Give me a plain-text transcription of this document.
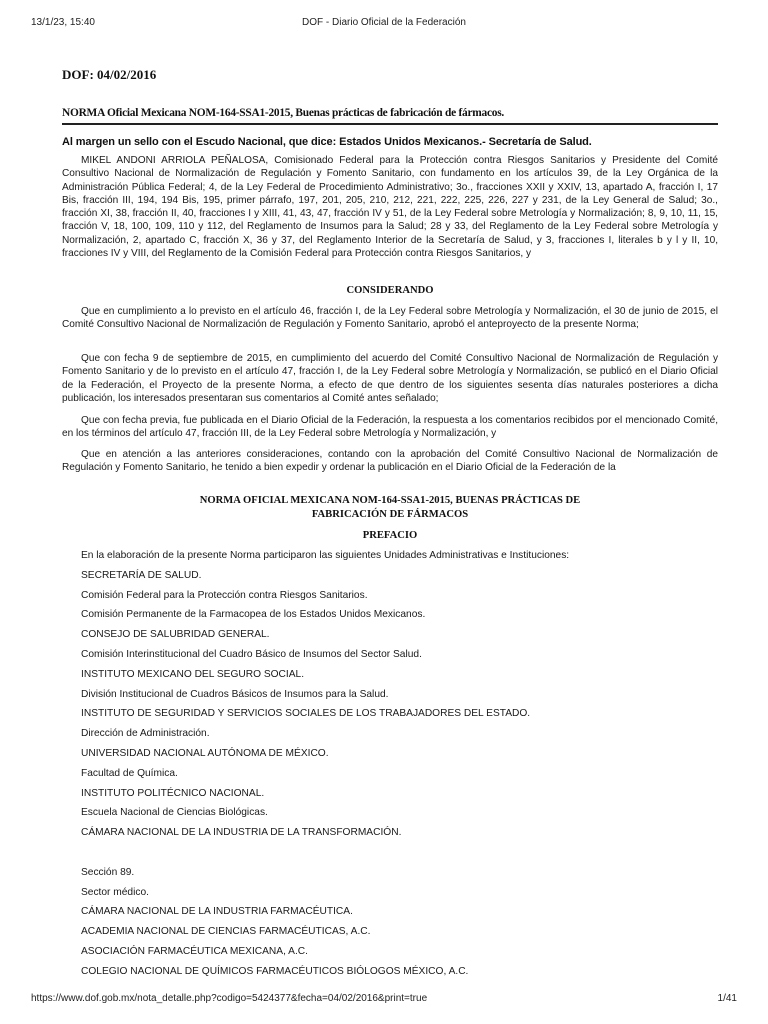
13/1/23, 15:40	DOF - Diario Oficial de la Federación
DOF: 04/02/2016
NORMA Oficial Mexicana NOM-164-SSA1-2015, Buenas prácticas de fabricación de fármacos.
Al margen un sello con el Escudo Nacional, que dice: Estados Unidos Mexicanos.- Secretaría de Salud.
MIKEL ANDONI ARRIOLA PEÑALOSA, Comisionado Federal para la Protección contra Riesgos Sanitarios y Presidente del Comité Consultivo Nacional de Normalización de Regulación y Fomento Sanitario, con fundamento en los artículos 39, de la Ley Orgánica de la Administración Pública Federal; 4, de la Ley Federal de Procedimiento Administrativo; 3o., fracciones XXII y XXIV, 13, apartado A, fracción I, 17 Bis, fracción III, 194, 194 Bis, 195, primer párrafo, 197, 201, 205, 210, 212, 221, 222, 225, 226, 227 y 231, de la Ley General de Salud; 3o., fracción XI, 38, fracción II, 40, fracciones I y XIII, 41, 43, 47, fracción IV y 51, de la Ley Federal sobre Metrología y Normalización; 8, 9, 10, 11, 15, fracción V, 18, 100, 109, 110 y 112, del Reglamento de Insumos para la Salud; 28 y 33, del Reglamento de la Ley Federal sobre Metrología y Normalización, 2, apartado C, fracción X, 36 y 37, del Reglamento Interior de la Secretaría de Salud, y 3, fracciones I, literales b y l y II, 10, fracciones IV y VIII, del Reglamento de la Comisión Federal para Protección contra Riesgos Sanitarios, y
CONSIDERANDO
Que en cumplimiento a lo previsto en el artículo 46, fracción I, de la Ley Federal sobre Metrología y Normalización, el 30 de junio de 2015, el Comité Consultivo Nacional de Normalización de Regulación y Fomento Sanitario, aprobó el anteproyecto de la presente Norma;
Que con fecha 9 de septiembre de 2015, en cumplimiento del acuerdo del Comité Consultivo Nacional de Normalización de Regulación y Fomento Sanitario y de lo previsto en el artículo 47, fracción I, de la Ley Federal sobre Metrología y Normalización, se publicó en el Diario Oficial de la Federación, el Proyecto de la presente Norma, a efecto de que dentro de los siguientes sesenta días naturales posteriores a dicha publicación, los interesados presentaran sus comentarios al Comité antes señalado;
Que con fecha previa, fue publicada en el Diario Oficial de la Federación, la respuesta a los comentarios recibidos por el mencionado Comité, en los términos del artículo 47, fracción III, de la Ley Federal sobre Metrología y Normalización, y
Que en atención a las anteriores consideraciones, contando con la aprobación del Comité Consultivo Nacional de Normalización de Regulación y Fomento Sanitario, he tenido a bien expedir y ordenar la publicación en el Diario Oficial de la Federación de la
NORMA OFICIAL MEXICANA NOM-164-SSA1-2015, BUENAS PRÁCTICAS DE FABRICACIÓN DE FÁRMACOS
PREFACIO
En la elaboración de la presente Norma participaron las siguientes Unidades Administrativas e Instituciones:
SECRETARÍA DE SALUD.
Comisión Federal para la Protección contra Riesgos Sanitarios.
Comisión Permanente de la Farmacopea de los Estados Unidos Mexicanos.
CONSEJO DE SALUBRIDAD GENERAL.
Comisión Interinstitucional del Cuadro Básico de Insumos del Sector Salud.
INSTITUTO MEXICANO DEL SEGURO SOCIAL.
División Institucional de Cuadros Básicos de Insumos para la Salud.
INSTITUTO DE SEGURIDAD Y SERVICIOS SOCIALES DE LOS TRABAJADORES DEL ESTADO.
Dirección de Administración.
UNIVERSIDAD NACIONAL AUTÓNOMA DE MÉXICO.
Facultad de Química.
INSTITUTO POLITÉCNICO NACIONAL.
Escuela Nacional de Ciencias Biológicas.
CÁMARA NACIONAL DE LA INDUSTRIA DE LA TRANSFORMACIÓN.
Sección 89.
Sector médico.
CÁMARA NACIONAL DE LA INDUSTRIA FARMACÉUTICA.
ACADEMIA NACIONAL DE CIENCIAS FARMACÉUTICAS, A.C.
ASOCIACIÓN FARMACÉUTICA MEXICANA, A.C.
COLEGIO NACIONAL DE QUÍMICOS FARMACÉUTICOS BIÓLOGOS MÉXICO, A.C.
https://www.dof.gob.mx/nota_detalle.php?codigo=5424377&fecha=04/02/2016&print=true	1/41
